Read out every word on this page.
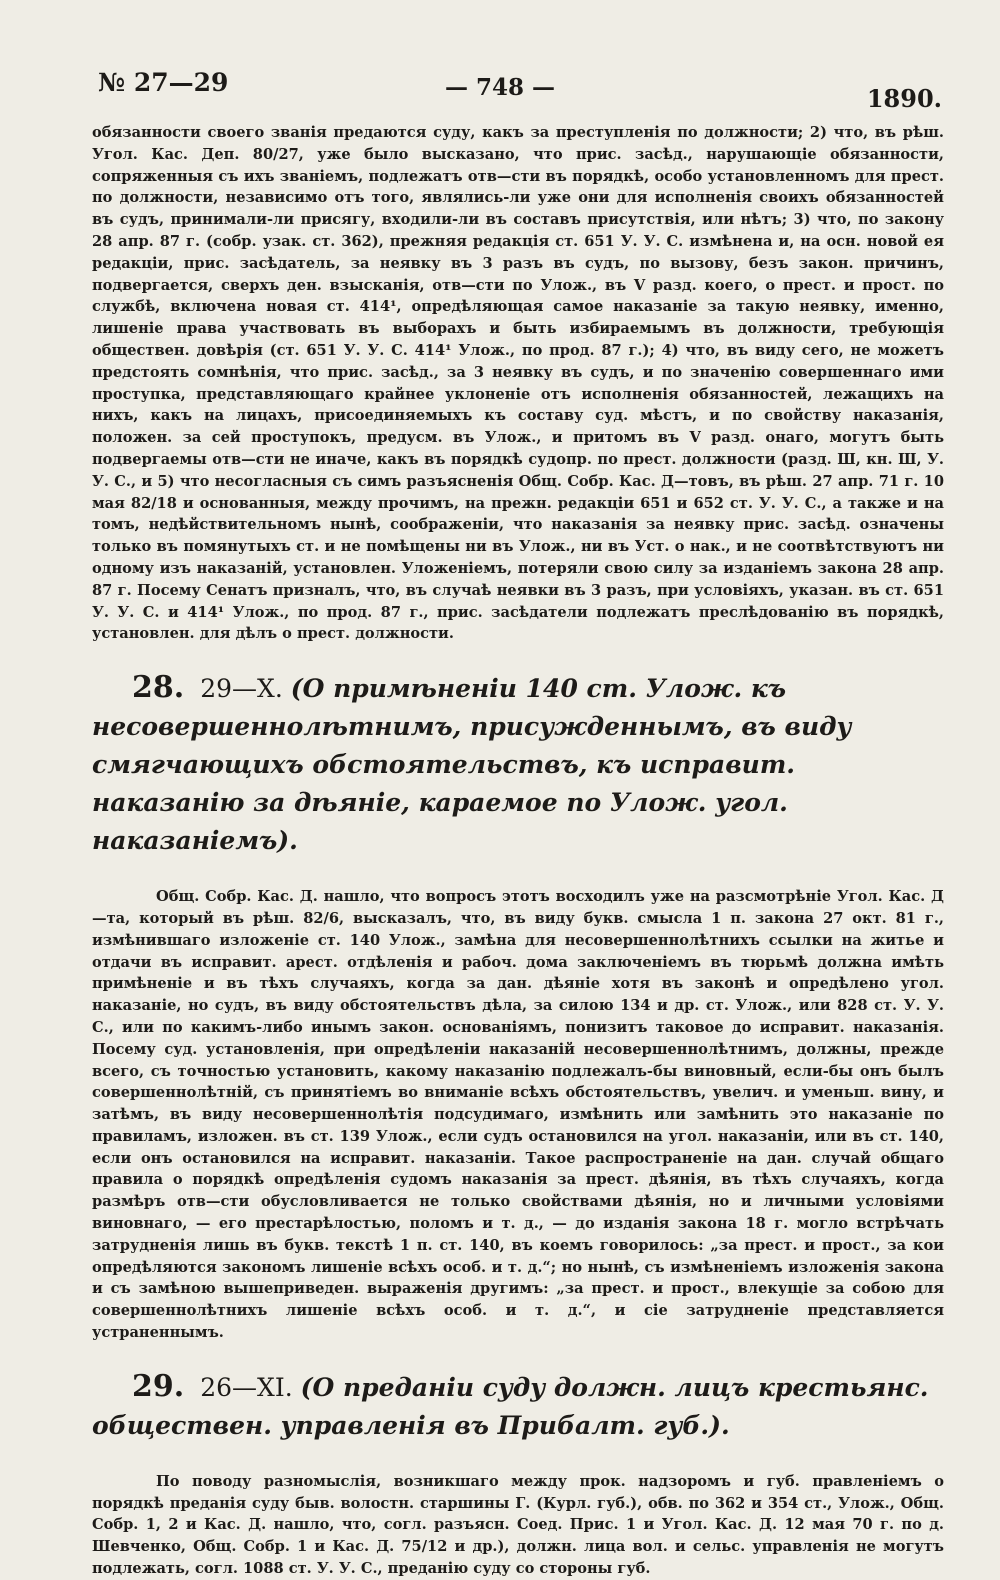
№ 27—29	— 748 —	1890.

обязанности своего званія предаются суду, какъ за преступленія по должности; 2) что, въ рѣш. Угол. Кас. Деп. 80/27, уже было высказано, что прис. засѣд., нарушающіе обязанности, сопряженныя съ ихъ званіемъ, подлежатъ отв—сти въ порядкѣ, особо установленномъ для прест. по должности, независимо отъ того, являлись-ли уже они для исполненія своихъ обязанностей въ судъ, принимали-ли присягу, входили-ли въ составъ присутствія, или нѣтъ; 3) что, по закону 28 апр. 87 г. (собр. узак. ст. 362), прежняя редакція ст. 651 У. У. С. измѣнена и, на осн. новой ея редакціи, прис. засѣдатель, за неявку въ 3 разъ въ судъ, по вызову, безъ закон. причинъ, подвергается, сверхъ ден. взысканія, отв—сти по Улож., въ V разд. коего, о прест. и прост. по службѣ, включена новая ст. 414¹, опредѣляющая самое наказаніе за такую неявку, именно, лишеніе права участвовать въ выборахъ и быть избираемымъ въ должности, требующія обществен. довѣрія (ст. 651 У. У. С. 414¹ Улож., по прод. 87 г.); 4) что, въ виду сего, не можетъ предстоять сомнѣнія, что прис. засѣд., за 3 неявку въ судъ, и по значенію совершеннаго ими проступка, представляющаго крайнее уклоненіе отъ исполненія обязанностей, лежащихъ на нихъ, какъ на лицахъ, присоединяемыхъ къ составу суд. мѣстъ, и по свойству наказанія, положен. за сей проступокъ, предусм. въ Улож., и притомъ въ V разд. онаго, могутъ быть подвергаемы отв—сти не иначе, какъ въ порядкѣ судопр. по прест. должности (разд. Ш, кн. Ш, У. У. С., и 5) что несогласныя съ симъ разъясненія Общ. Собр. Кас. Д—товъ, въ рѣш. 27 апр. 71 г. 10 мая 82/18 и основанныя, между прочимъ, на прежн. редакціи 651 и 652 ст. У. У. С., а также и на томъ, недѣйствительномъ нынѣ, соображеніи, что наказанія за неявку прис. засѣд. означены только въ помянутыхъ ст. и не помѣщены ни въ Улож., ни въ Уст. о нак., и не соотвѣтствуютъ ни одному изъ наказаній, установлен. Уложеніемъ, потеряли свою силу за изданіемъ закона 28 апр. 87 г. Посему Сенатъ призналъ, что, въ случаѣ неявки въ 3 разъ, при условіяхъ, указан. въ ст. 651 У. У. С. и 414¹ Улож., по прод. 87 г., прис. засѣдатели подлежатъ преслѣдованію въ порядкѣ, установлен. для дѣлъ о прест. должности.

28. 29—X. (О примѣненіи 140 ст. Улож. къ несовершеннолѣтнимъ, присужденнымъ, въ виду смягчающихъ обстоятельствъ, къ исправит. наказанію за дѣяніе, караемое по Улож. угол. наказаніемъ).

Общ. Собр. Кас. Д. нашло, что вопросъ этотъ восходилъ уже на разсмотрѣніе Угол. Кас. Д—та, который въ рѣш. 82/6, высказалъ, что, въ виду букв. смысла 1 п. закона 27 окт. 81 г., измѣнившаго изложеніе ст. 140 Улож., замѣна для несовершеннолѣтнихъ ссылки на житье и отдачи въ исправит. арест. отдѣленія и рабоч. дома заключеніемъ въ тюрьмѣ должна имѣть примѣненіе и въ тѣхъ случаяхъ, когда за дан. дѣяніе хотя въ законѣ и опредѣлено угол. наказаніе, но судъ, въ виду обстоятельствъ дѣла, за силою 134 и др. ст. Улож., или 828 ст. У. У. С., или по какимъ-либо инымъ закон. основаніямъ, понизитъ таковое до исправит. наказанія. Посему суд. установленія, при опредѣленіи наказаній несовершеннолѣтнимъ, должны, прежде всего, съ точностью установить, какому наказанію подлежалъ-бы виновный, если-бы онъ былъ совершеннолѣтній, съ принятіемъ во вниманіе всѣхъ обстоятельствъ, увелич. и уменьш. вину, и затѣмъ, въ виду несовершеннолѣтія подсудимаго, измѣнить или замѣнить это наказаніе по правиламъ, изложен. въ ст. 139 Улож., если судъ остановился на угол. наказаніи, или въ ст. 140, если онъ остановился на исправит. наказаніи. Такое распространеніе на дан. случай общаго правила о порядкѣ опредѣленія судомъ наказанія за прест. дѣянія, въ тѣхъ случаяхъ, когда размѣръ отв—сти обусловливается не только свойствами дѣянія, но и личными условіями виновнаго, — его престарѣлостью, поломъ и т. д., — до изданія закона 18 г. могло встрѣчать затрудненія лишь въ букв. текстѣ 1 п. ст. 140, въ коемъ говорилось: „за прест. и прост., за кои опредѣляются закономъ лишеніе всѣхъ особ. и т. д.“; но нынѣ, съ измѣненіемъ изложенія закона и съ замѣною вышеприведен. выраженія другимъ: „за прест. и прост., влекущіе за собою для совершеннолѣтнихъ лишеніе всѣхъ особ. и т. д.“, и сіе затрудненіе представляется устраненнымъ.

29. 26—XI. (О преданіи суду должн. лицъ крестьянс. обществен. управленія въ Прибалт. губ.).

По поводу разномыслія, возникшаго между прок. надзоромъ и губ. правленіемъ о порядкѣ преданія суду быв. волостн. старшины Г. (Курл. губ.), обв. по 362 и 354 ст., Улож., Общ. Собр. 1, 2 и Кас. Д. нашло, что, согл. разъясн. Соед. Прис. 1 и Угол. Кас. Д. 12 мая 70 г. по д. Шевченко, Общ. Собр. 1 и Кас. Д. 75/12 и др.), должн. лица вол. и сельс. управленія не могутъ подлежать, согл. 1088 ст. У. У. С., преданію суду со стороны губ.
